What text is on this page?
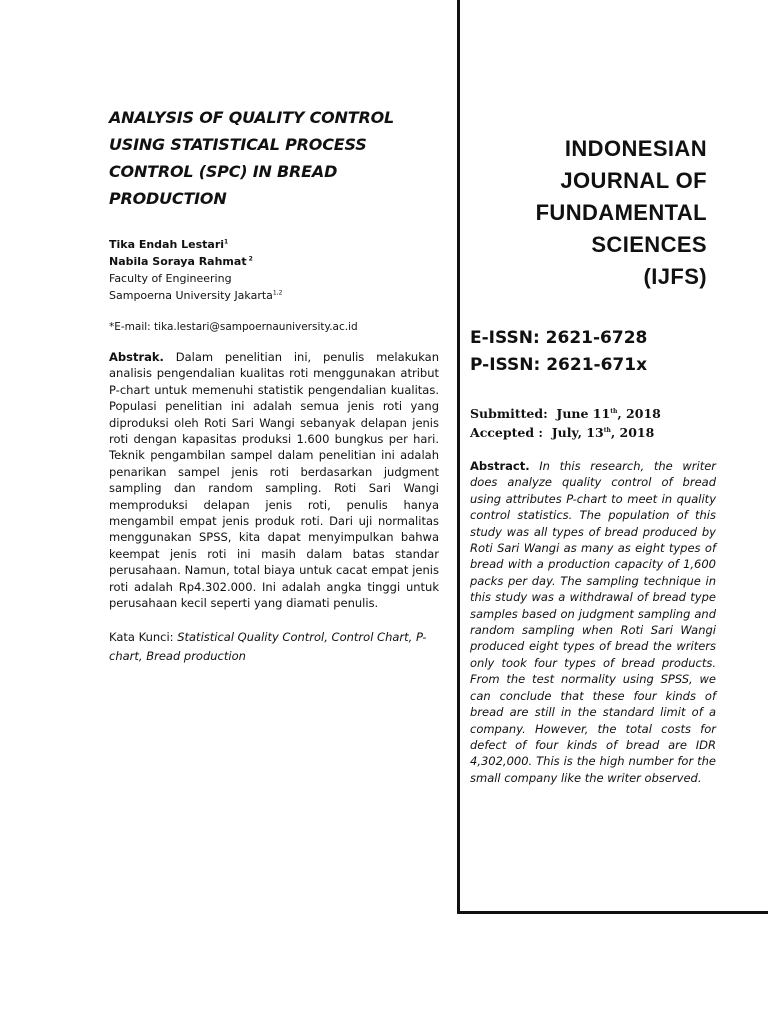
ANALYSIS OF QUALITY CONTROL
USING STATISTICAL PROCESS
CONTROL (SPC) IN BREAD
PRODUCTION
Tika Endah Lestari$^1$
Nabila Soraya Rahmat $^2$
Faculty of Engineering
Sampoerna University Jakarta$^{1,2}$
*E-mail: tika.lestari@sampoernauniversity.ac.id
Abstrak. Dalam penelitian ini, penulis melakukan analisis pengendalian kualitas roti menggunakan atribut P-chart untuk memenuhi statistik pengendalian kualitas. Populasi penelitian ini adalah semua jenis roti yang diproduksi oleh Roti Sari Wangi sebanyak delapan jenis roti dengan kapasitas produksi 1.600 bungkus per hari. Teknik pengambilan sampel dalam penelitian ini adalah penarikan sampel jenis roti berdasarkan judgment sampling dan random sampling. Roti Sari Wangi memproduksi delapan jenis roti, penulis hanya mengambil empat jenis produk roti. Dari uji normalitas menggunakan SPSS, kita dapat menyimpulkan bahwa keempat jenis roti ini masih dalam batas standar perusahaan. Namun, total biaya untuk cacat empat jenis roti adalah Rp4.302.000. Ini adalah angka tinggi untuk perusahaan kecil seperti yang diamati penulis.
Kata Kunci: Statistical Quality Control, Control Chart, P-chart, Bread production
INDONESIAN
JOURNAL OF
FUNDAMENTAL
SCIENCES
(IJFS)
E-ISSN: 2621-6728
P-ISSN: 2621-671x
Submitted: June 11th, 2018
Accepted : July, 13th, 2018
Abstract. In this research, the writer does analyze quality control of bread using attributes P-chart to meet in quality control statistics. The population of this study was all types of bread produced by Roti Sari Wangi as many as eight types of bread with a production capacity of 1,600 packs per day. The sampling technique in this study was a withdrawal of bread type samples based on judgment sampling and random sampling when Roti Sari Wangi produced eight types of bread the writers only took four types of bread products. From the test normality using SPSS, we can conclude that these four kinds of bread are still in the standard limit of a company. However, the total costs for defect of four kinds of bread are IDR 4,302,000. This is the high number for the small company like the writer observed.
